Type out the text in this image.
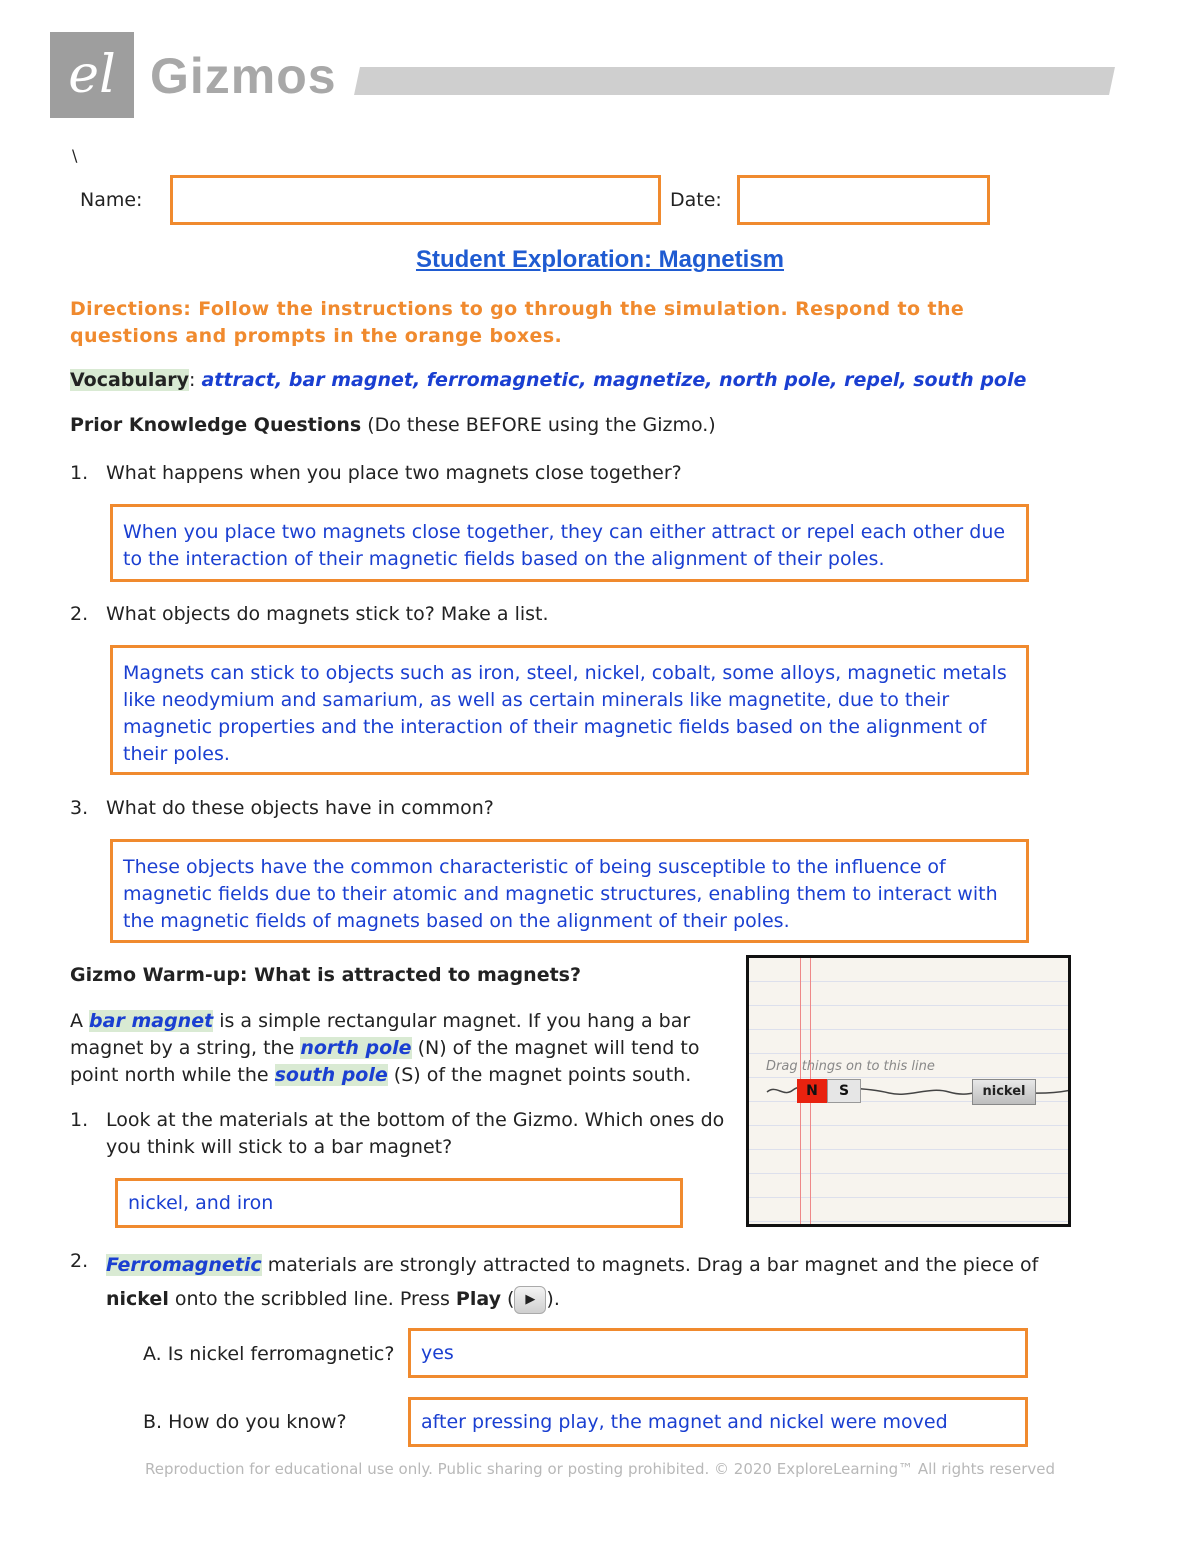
el Gizmos
\
Name:	Date:
Student Exploration: Magnetism
Directions: Follow the instructions to go through the simulation. Respond to the questions and prompts in the orange boxes.
Vocabulary: attract, bar magnet, ferromagnetic, magnetize, north pole, repel, south pole
Prior Knowledge Questions (Do these BEFORE using the Gizmo.)
1. What happens when you place two magnets close together?
When you place two magnets close together, they can either attract or repel each other due to the interaction of their magnetic fields based on the alignment of their poles.
2. What objects do magnets stick to? Make a list.
Magnets can stick to objects such as iron, steel, nickel, cobalt, some alloys, magnetic metals like neodymium and samarium, as well as certain minerals like magnetite, due to their magnetic properties and the interaction of their magnetic fields based on the alignment of their poles.
3. What do these objects have in common?
These objects have the common characteristic of being susceptible to the influence of magnetic fields due to their atomic and magnetic structures, enabling them to interact with the magnetic fields of magnets based on the alignment of their poles.
Gizmo Warm-up: What is attracted to magnets?
A bar magnet is a simple rectangular magnet. If you hang a bar magnet by a string, the north pole (N) of the magnet will tend to point north while the south pole (S) of the magnet points south.
1. Look at the materials at the bottom of the Gizmo. Which ones do you think will stick to a bar magnet?
nickel, and iron
Drag things on to this line
N	S	nickel
2. Ferromagnetic materials are strongly attracted to magnets. Drag a bar magnet and the piece of nickel onto the scribbled line. Press Play ( ▶ ).
A. Is nickel ferromagnetic?	yes
B. How do you know?	after pressing play, the magnet and nickel were moved
Reproduction for educational use only. Public sharing or posting prohibited. © 2020 ExploreLearning™ All rights reserved
